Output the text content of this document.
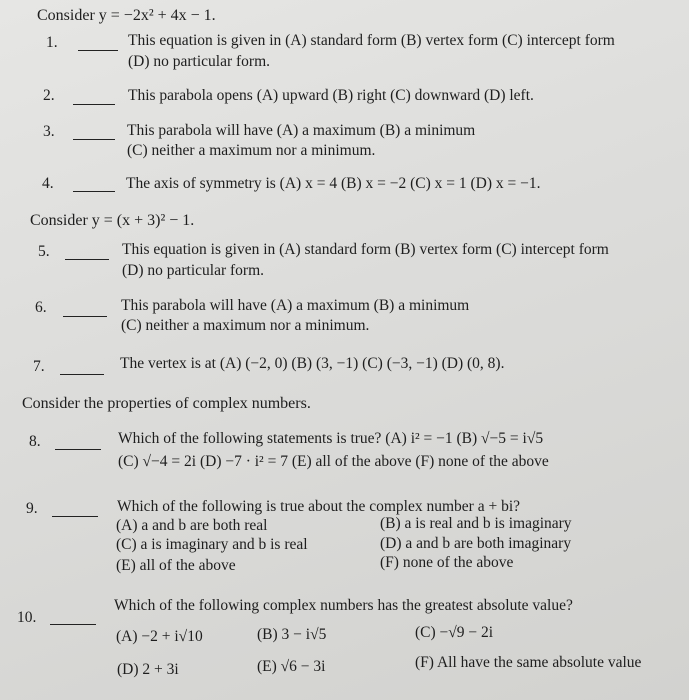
Consider y = −2x² + 4x − 1.
1.	This equation is given in (A) standard form (B) vertex form (C) intercept form
(D) no particular form.
2.	This parabola opens (A) upward (B) right (C) downward (D) left.
3.	This parabola will have (A) a maximum (B) a minimum
(C) neither a maximum nor a minimum.
4.	The axis of symmetry is (A) x = 4 (B) x = −2 (C) x = 1 (D) x = −1.
Consider y = (x + 3)² − 1.
5.	This equation is given in (A) standard form (B) vertex form (C) intercept form
(D) no particular form.
6.	This parabola will have (A) a maximum (B) a minimum
(C) neither a maximum nor a minimum.
7.	The vertex is at (A) (−2, 0) (B) (3, −1) (C) (−3, −1) (D) (0, 8).
Consider the properties of complex numbers.
8.	Which of the following statements is true? (A) i² = −1 (B) √−5 = i√5
(C) √−4 = 2i (D) −7 · i² = 7 (E) all of the above (F) none of the above
9.	Which of the following is true about the complex number a + bi?
(A) a and b are both real	(B) a is real and b is imaginary
(C) a is imaginary and b is real	(D) a and b are both imaginary
(E) all of the above	(F) none of the above
10.
Which of the following complex numbers has the greatest absolute value?
(A) −2 + i√10	(B) 3 − i√5	(C) −√9 − 2i
(D) 2 + 3i	(E) √6 − 3i	(F) All have the same absolute value
